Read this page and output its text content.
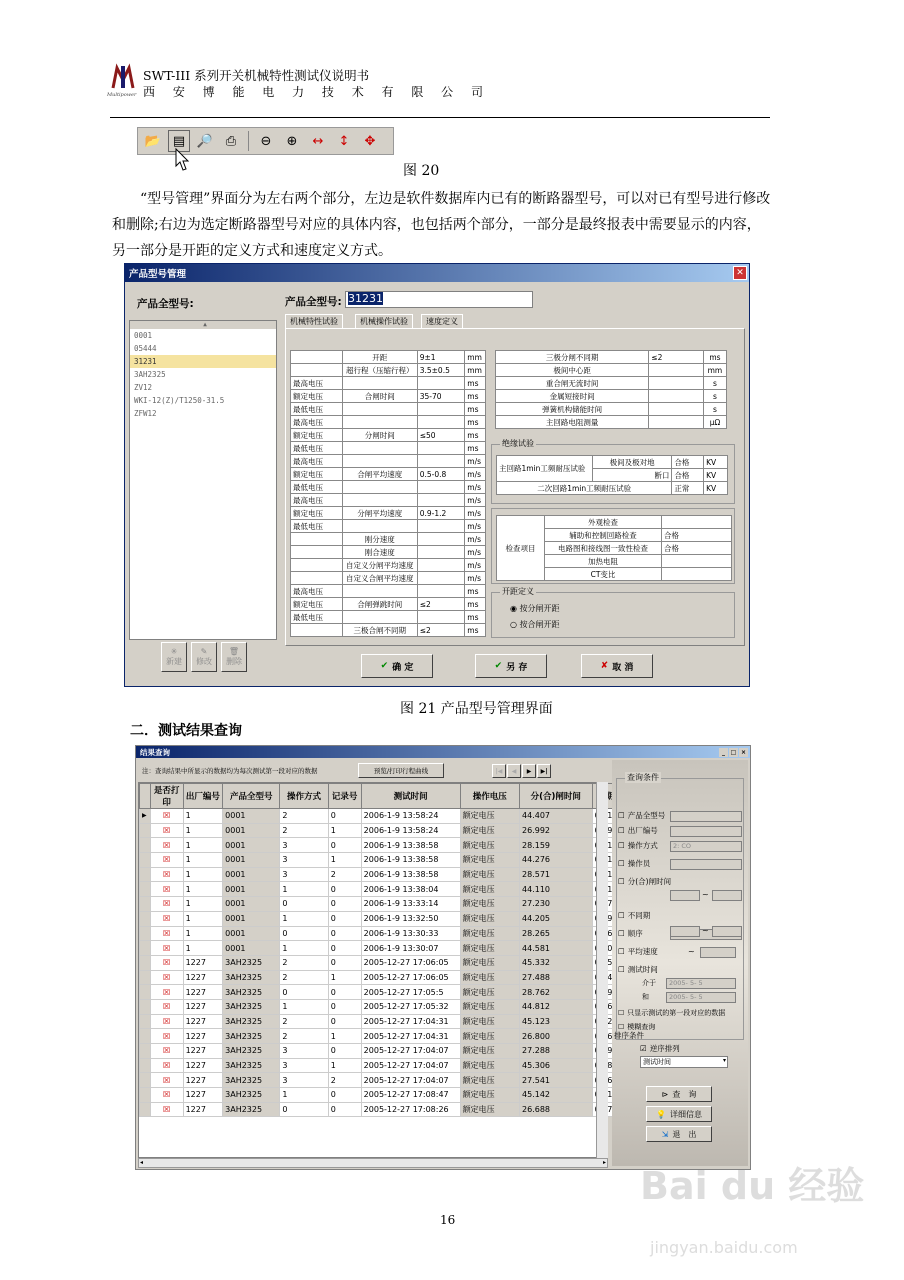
Multipower
SWT-III 系列开关机械特性测试仪说明书
西 安 博 能 电 力 技 术 有 限 公 司
📂 ▤ 🔎 ⎙	⊖	⊕	↔	↕	✥
图 20
“型号管理”界面分为左右两个部分，左边是软件数据库内已有的断路器型号，可以对已有型号进行修改和删除;右边为选定断路器型号对应的具体内容，也包括两个部分，一部分是最终报表中需要显示的内容，另一部分是开距的定义方式和速度定义方式。
产品型号管理	✕
产品全型号:
▲
0001
05444
31231
3AH2325
ZV12
WKI-12(Z)/T1250-31.5
ZFW12
✳
新建
✎
修改
🗑
删除
产品全型号: 31231
机械特性试验	机械操作试验	速度定义
	开距	9±1	mm
	超行程（压缩行程）	3.5±0.5	mm
最高电压			ms
额定电压	合闸时间	35-70	ms
最低电压			ms
最高电压			ms
额定电压	分闸时间	≤50	ms
最低电压			ms
最高电压			m/s
额定电压	合闸平均速度	0.5-0.8	m/s
最低电压			m/s
最高电压			m/s
额定电压	分闸平均速度	0.9-1.2	m/s
最低电压			m/s
	刚分速度		m/s
	刚合速度		m/s
	自定义分闸平均速度		m/s
	自定义合闸平均速度		m/s
最高电压			ms
额定电压	合闸弹跳时间	≤2	ms
最低电压			ms
	三极合闸不同期	≤2	ms
三极分闸不同期	≤2	ms
极间中心距		mm
重合闸无流时间		s
金属短接时间		s
弹簧机构储能时间		s
主回路电阻测量		μΩ
绝缘试验
主回路1min工频耐压试验	极间及极对地	合格	KV
	断口	合格	KV
二次回路1min工频耐压试验		正常	KV
检查项目	外观检查	
	辅助和控制回路检查	合格
	电路图和接线图一致性检查	合格
	加热电阻	
	CT变比	
开距定义
◉ 按分闸开距
○ 按合闸开距
✔ 确 定	✔ 另 存	✘ 取 消
图 21 产品型号管理界面
二．测试结果查询
结果查询	_ □ ×
注：查询结果中所显示的数据均为每次测试第一段对应的数据	预览/打印行程曲线	|◀	◀	▶	▶|
	是否打印	出厂编号	产品全型号	操作方式	记录号	测试时间	操作电压	分(合)闸时间	
▶	☒	1	0001	2	0	2006-1-9 13:58:24	额定电压	44.407	
	☒	1	0001	2	1	2006-1-9 13:58:24	额定电压	26.992	
	☒	1	0001	3	0	2006-1-9 13:38:58	额定电压	28.159	
	☒	1	0001	3	1	2006-1-9 13:38:58	额定电压	44.276	
	☒	1	0001	3	2	2006-1-9 13:38:58	额定电压	28.571	
	☒	1	0001	1	0	2006-1-9 13:38:04	额定电压	44.110	
	☒	1	0001	0	0	2006-1-9 13:33:14	额定电压	27.230	
	☒	1	0001	1	0	2006-1-9 13:32:50	额定电压	44.205	
	☒	1	0001	0	0	2006-1-9 13:30:33	额定电压	28.265	
	☒	1	0001	1	0	2006-1-9 13:30:07	额定电压	44.581	
	☒	1227	3AH2325	2	0	2005-12-27 17:06:05	额定电压	45.332	
	☒	1227	3AH2325	2	1	2005-12-27 17:06:05	额定电压	27.488	
	☒	1227	3AH2325	0	0	2005-12-27 17:05:5	额定电压	28.762	
	☒	1227	3AH2325	1	0	2005-12-27 17:05:32	额定电压	44.812	
	☒	1227	3AH2325	2	0	2005-12-27 17:04:31	额定电压	45.123	
	☒	1227	3AH2325	2	1	2005-12-27 17:04:31	额定电压	26.800	
	☒	1227	3AH2325	3	0	2005-12-27 17:04:07	额定电压	27.288	
	☒	1227	3AH2325	3	1	2005-12-27 17:04:07	额定电压	45.306	
	☒	1227	3AH2325	3	2	2005-12-27 17:04:07	额定电压	27.541	
	☒	1227	3AH2325	1	0	2005-12-27 17:08:47	额定电压	45.142	
	☒	1227	3AH2325	0	0	2005-12-27 17:08:26	额定电压	26.688	
◂	▸
查询条件
☐ 产品全型号
☐ 出厂编号
☐ 操作方式	2: CO
☐ 操作员
☐ 分(合)闸时间
☐ 不同期
☐ 顺序
☐ 平均速度
☐ 测试时间
~
~
~
介于	2005- 5- 5
和	2005- 5- 5
☐ 只显示测试的第一段对应的数据
☐ 模糊查询
排序条件
☑ 逆序排列
测试时间	▾
⊳ 查　询
💡 详细信息
⇲ 退　出
Bai du 经验
jingyan.baidu.com
16
